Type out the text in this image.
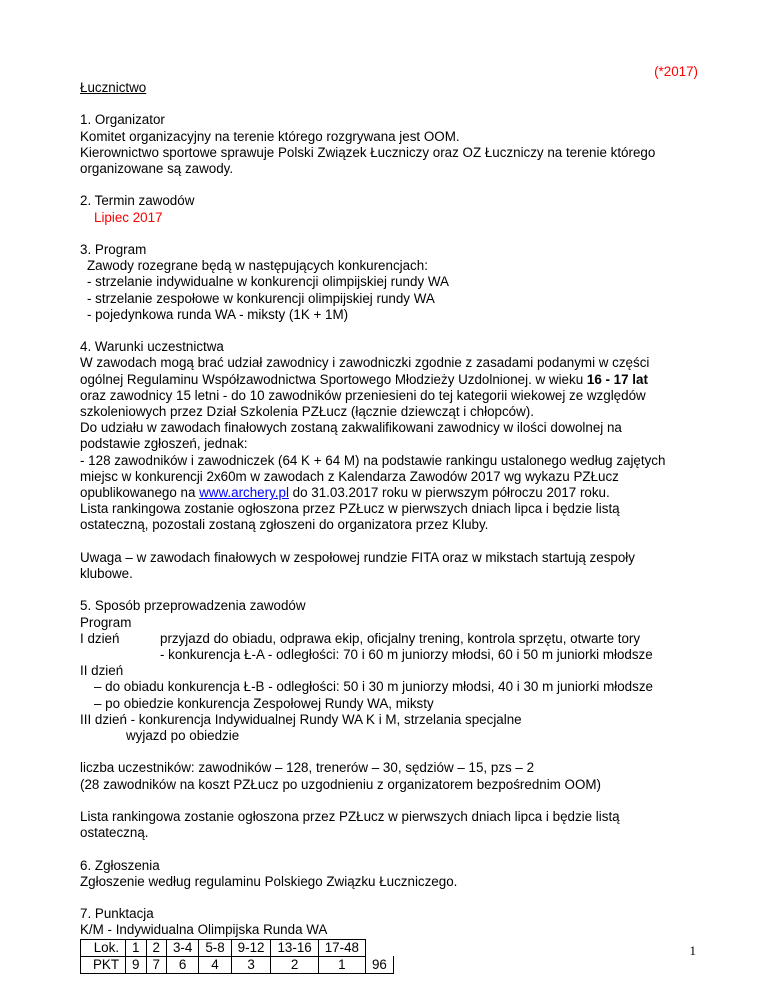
(*2017)
Łucznictwo
1. Organizator
Komitet organizacyjny na terenie którego rozgrywana jest OOM.
Kierownictwo sportowe sprawuje Polski Związek Łuczniczy oraz OZ Łuczniczy na terenie którego
organizowane są zawody.
2. Termin zawodów
Lipiec 2017
3. Program
Zawody rozegrane będą w następujących konkurencjach:
- strzelanie indywidualne w konkurencji olimpijskiej rundy WA
- strzelanie zespołowe w konkurencji olimpijskiej rundy WA
- pojedynkowa runda WA - miksty (1K + 1M)
4. Warunki uczestnictwa
W zawodach mogą brać udział zawodnicy i zawodniczki zgodnie z zasadami podanymi w części
ogólnej Regulaminu Współzawodnictwa Sportowego Młodzieży Uzdolnionej. w wieku 16 - 17 lat
oraz zawodnicy 15 letni - do 10 zawodników przeniesieni do tej kategorii wiekowej ze względów
szkoleniowych przez Dział Szkolenia PZŁucz (łącznie dziewcząt i chłopców).
Do udziału w zawodach finałowych zostaną zakwalifikowani zawodnicy w ilości dowolnej na
podstawie zgłoszeń, jednak:
- 128 zawodników i zawodniczek (64 K + 64 M) na podstawie rankingu ustalonego według zajętych
miejsc w konkurencji 2x60m w zawodach z Kalendarza Zawodów 2017 wg wykazu PZŁucz
opublikowanego na www.archery.pl do 31.03.2017 roku w pierwszym półroczu 2017 roku.
Lista rankingowa zostanie ogłoszona przez PZŁucz w pierwszych dniach lipca i będzie listą
ostateczną, pozostali zostaną zgłoszeni do organizatora przez Kluby.
Uwaga – w zawodach finałowych w zespołowej rundzie FITA oraz w mikstach startują zespoły
klubowe.
5. Sposób przeprowadzenia zawodów
Program
I dzień	przyjazd do obiadu, odprawa ekip, oficjalny trening, kontrola sprzętu, otwarte tory
- konkurencja Ł-A - odległości: 70 i 60 m juniorzy młodsi, 60 i 50 m juniorki młodsze
II dzień
– do obiadu konkurencja Ł-B - odległości: 50 i 30 m juniorzy młodsi, 40 i 30 m juniorki młodsze
– po obiedzie konkurencja Zespołowej Rundy WA, miksty
III dzień - konkurencja Indywidualnej Rundy WA K i M, strzelania specjalne
wyjazd po obiedzie
liczba uczestników: zawodników – 128, trenerów – 30, sędziów – 15, pzs – 2
(28 zawodników na koszt PZŁucz po uzgodnieniu z organizatorem bezpośrednim OOM)
Lista rankingowa zostanie ogłoszona przez PZŁucz w pierwszych dniach lipca i będzie listą
ostateczną.
6. Zgłoszenia
Zgłoszenie według regulaminu Polskiego Związku Łuczniczego.
7. Punktacja
K/M - Indywidualna Olimpijska Runda WA
Lok.	1	2	3-4	5-8	9-12	13-16	17-48	
PKT	9	7	6	4	3	2	1	96
1
